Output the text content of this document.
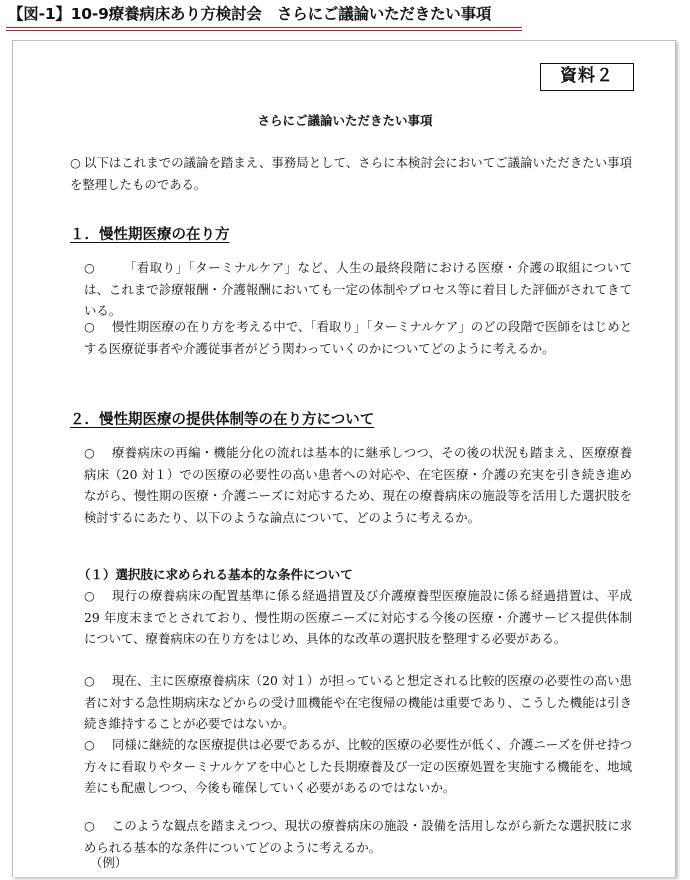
【図-1】10-9療養病床あり方検討会　さらにご議論いただきたい事項
資料２
さらにご議論いただきたい事項
○ 以下はこれまでの議論を踏まえ、事務局として、さらに本検討会においてご議論いただきたい事項を整理したものである。
１．慢性期医療の在り方
○	「看取り」「ターミナルケア」など、人生の最終段階における医療・介護の取組については、これまで診療報酬・介護報酬においても一定の体制やプロセス等に着目した評価がされてきている。
○	慢性期医療の在り方を考える中で、「看取り」「ターミナルケア」のどの段階で医師をはじめとする医療従事者や介護従事者がどう関わっていくのかについてどのように考えるか。
２．慢性期医療の提供体制等の在り方について
○	療養病床の再編・機能分化の流れは基本的に継承しつつ、その後の状況も踏まえ、医療療養病床（20 対１）での医療の必要性の高い患者への対応や、在宅医療・介護の充実を引き続き進めながら、慢性期の医療・介護ニーズに対応するため、現在の療養病床の施設等を活用した選択肢を検討するにあたり、以下のような論点について、どのように考えるか。
（１）選択肢に求められる基本的な条件について
○	現行の療養病床の配置基準に係る経過措置及び介護療養型医療施設に係る経過措置は、平成 29 年度末までとされており、慢性期の医療ニーズに対応する今後の医療・介護サービス提供体制について、療養病床の在り方をはじめ、具体的な改革の選択肢を整理する必要がある。
○	現在、主に医療療養病床（20 対１）が担っていると想定される比較的医療の必要性の高い患者に対する急性期病床などからの受け皿機能や在宅復帰の機能は重要であり、こうした機能は引き続き維持することが必要ではないか。
○	同様に継続的な医療提供は必要であるが、比較的医療の必要性が低く、介護ニーズを併せ持つ方々に看取りやターミナルケアを中心とした長期療養及び一定の医療処置を実施する機能を、地域差にも配慮しつつ、今後も確保していく必要があるのではないか。
○	このような観点を踏まえつつ、現状の療養病床の施設・設備を活用しながら新たな選択肢に求められる基本的な条件についてどのように考えるか。
（例）
